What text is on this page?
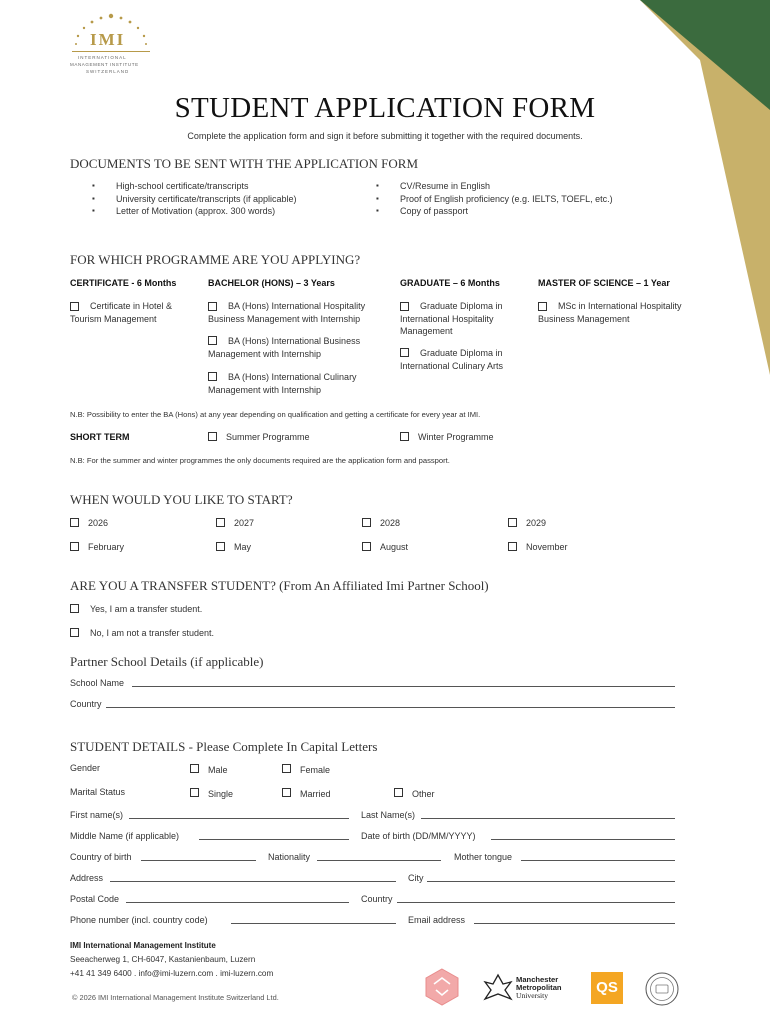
IMI
INTERNATIONAL
MANAGEMENT INSTITUTE
SWITZERLAND
STUDENT APPLICATION FORM
Complete the application form and sign it before submitting it together with the required documents.
DOCUMENTS TO BE SENT WITH THE APPLICATION FORM
▪ High-school certificate/transcripts
▪ University certificate/transcripts (if applicable)
▪ Letter of Motivation (approx. 300 words)
▪ CV/Resume in English
▪ Proof of English proficiency (e.g. IELTS, TOEFL, etc.)
▪ Copy of passport
FOR WHICH PROGRAMME ARE YOU APPLYING?
CERTIFICATE - 6 Months	BACHELOR (HONS) – 3 Years	GRADUATE – 6 Months	MASTER OF SCIENCE – 1 Year
Certificate in Hotel &
Tourism Management
BA (Hons) International Hospitality
Business Management with Internship
BA (Hons) International Business
Management with Internship
BA (Hons) International Culinary
Management with Internship
Graduate Diploma in
International Hospitality
Management
Graduate Diploma in
International Culinary Arts
MSc in International Hospitality
Business Management
N.B: Possibility to enter the BA (Hons) at any year depending on qualification and getting a certificate for every year at IMI.
SHORT TERM	Summer Programme	Winter Programme
N.B: For the summer and winter programmes the only documents required are the application form and passport.
WHEN WOULD YOU LIKE TO START?
2026	2027	2028	2029
February	May	August	November
ARE YOU A TRANSFER STUDENT? (From An Affiliated Imi Partner School)
Yes, I am a transfer student.
No, I am not a transfer student.
Partner School Details (if applicable)
School Name
Country
STUDENT DETAILS - Please Complete In Capital Letters
Gender	Male	Female
Marital Status	Single	Married	Other
First name(s)	Last Name(s)
Middle Name (if applicable)	Date of birth (DD/MM/YYYY)
Country of birth	Nationality	Mother tongue
Address	City
Postal Code	Country
Phone number (incl. country code)	Email address
IMI International Management Institute
Seeacherweg 1, CH-6047, Kastanienbaum, Luzern
+41 41 349 6400 . info@imi-luzern.com . imi-luzern.com
© 2026 IMI International Management Institute Switzerland Ltd.
Manchester
Metropolitan
University	QS
